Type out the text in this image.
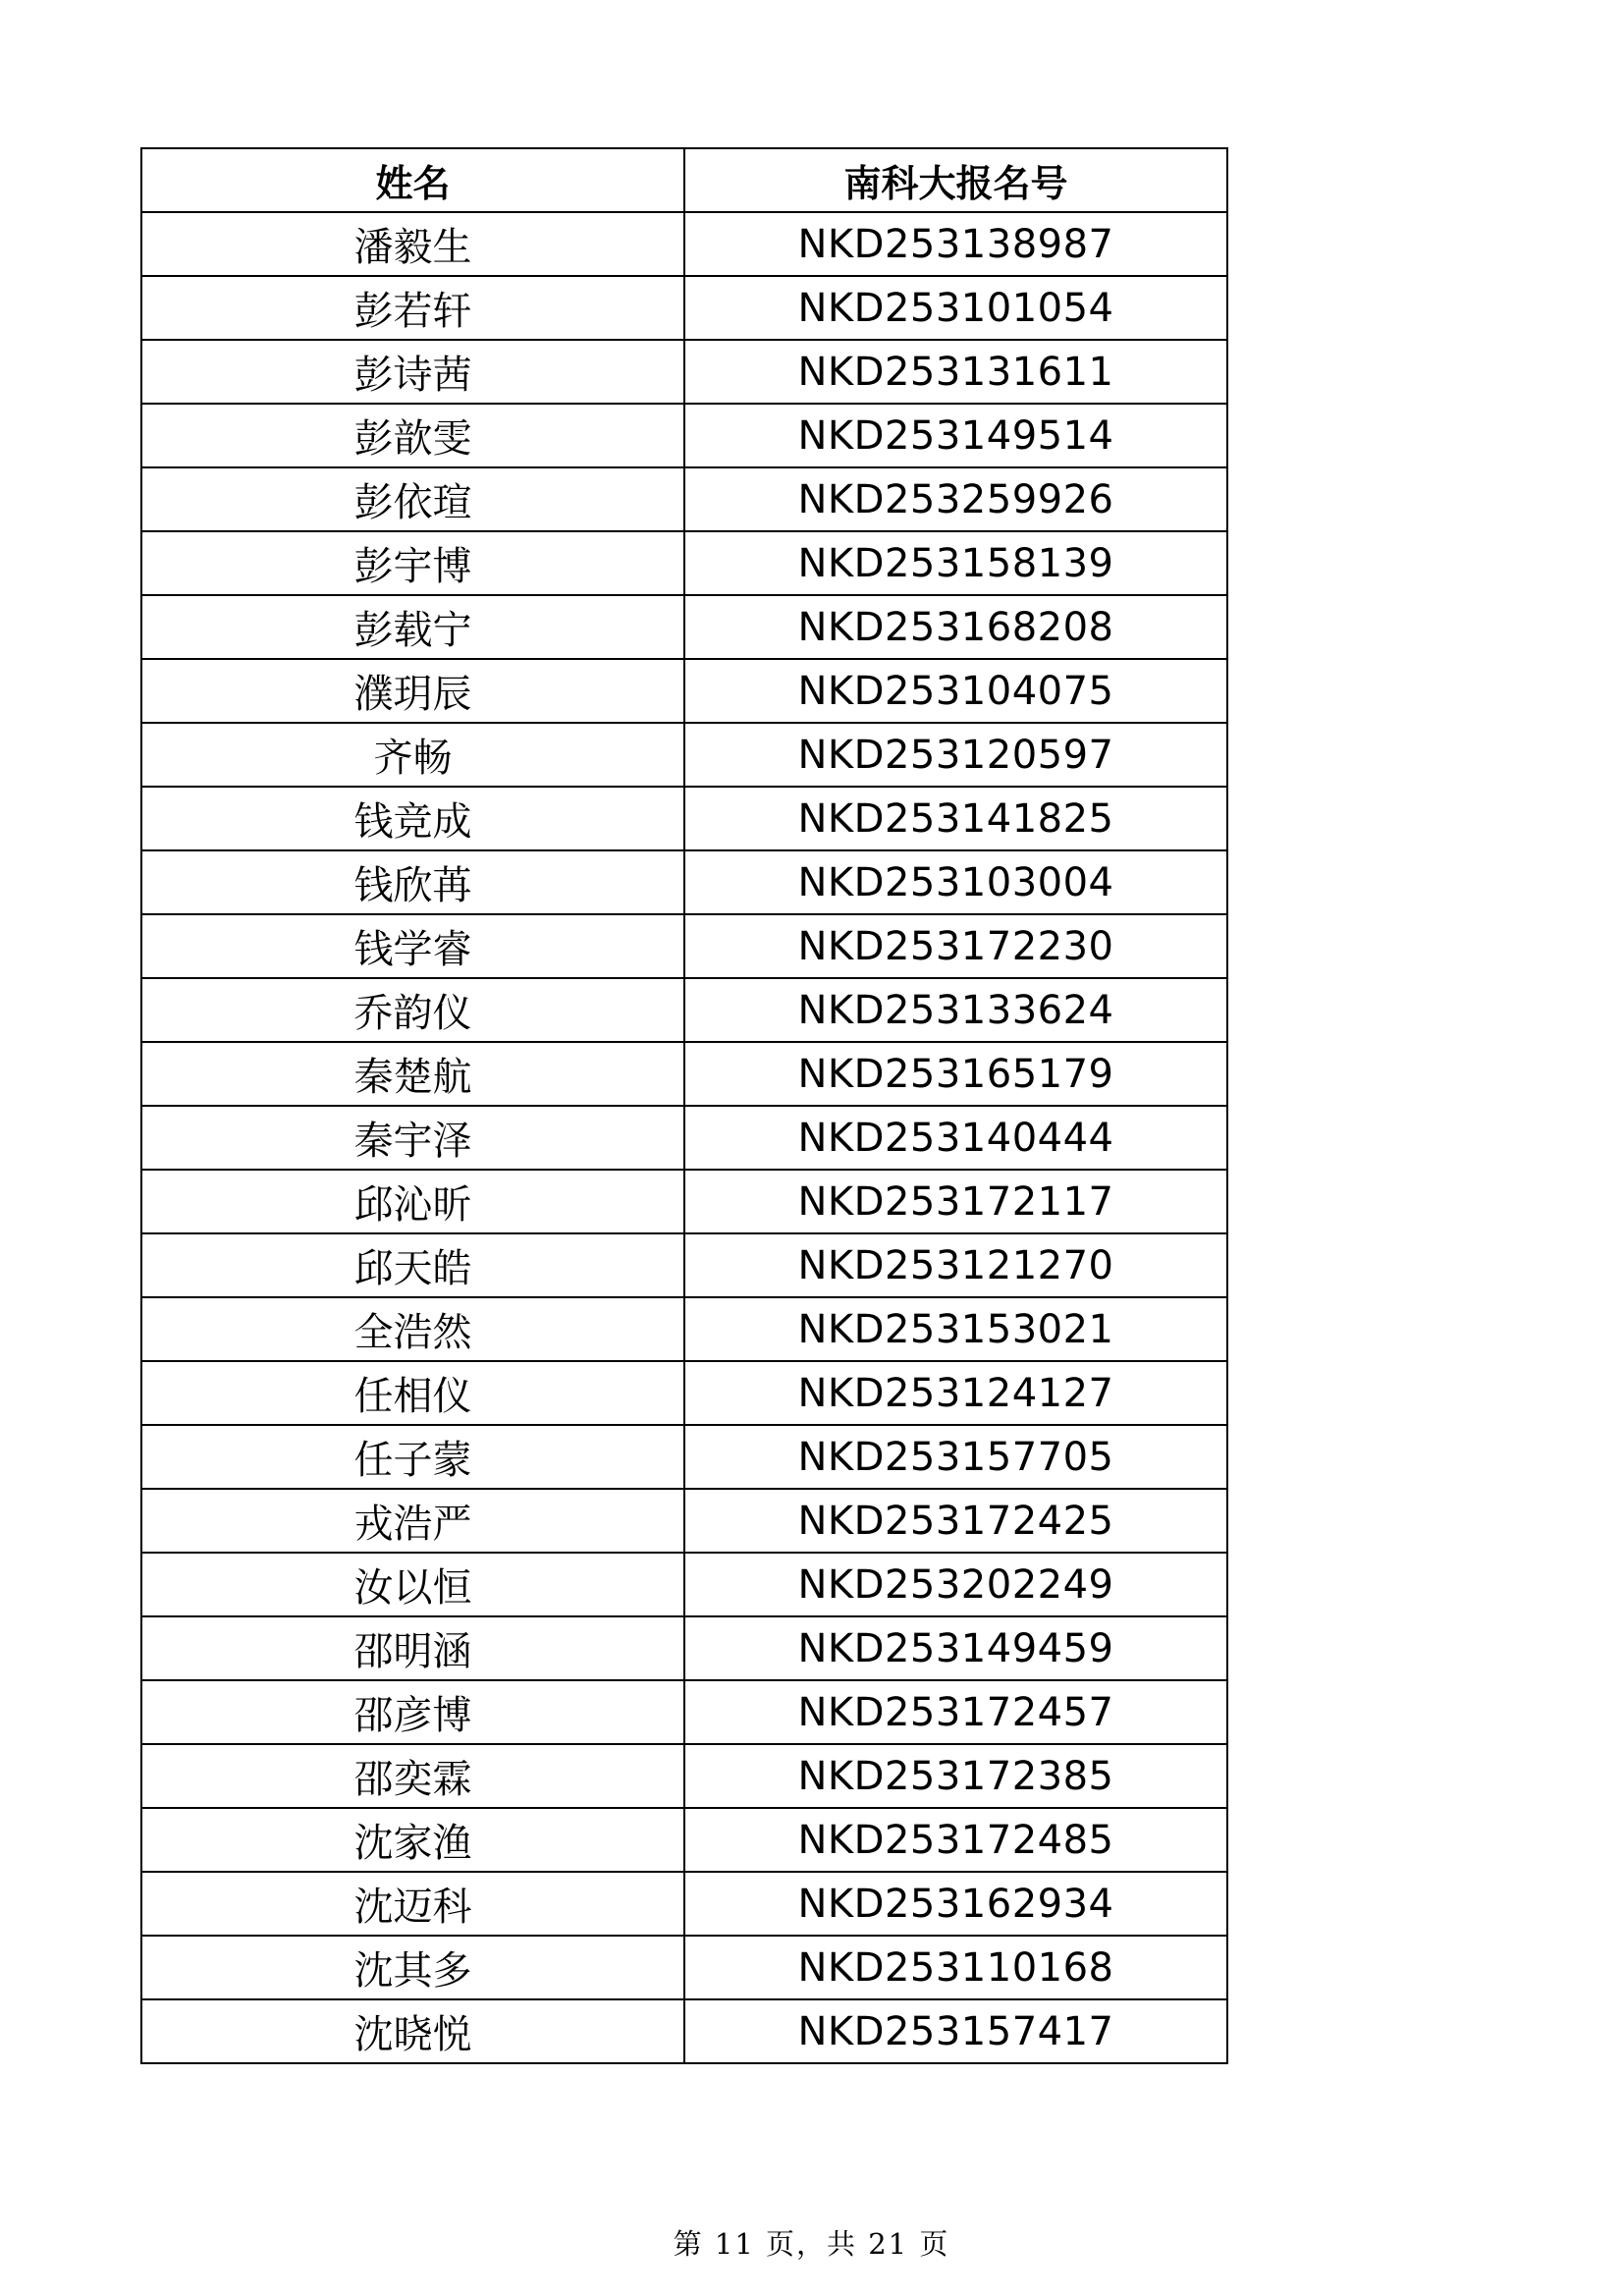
姓名	南科大报名号
潘毅生	NKD253138987
彭若轩	NKD253101054
彭诗茜	NKD253131611
彭歆雯	NKD253149514
彭依瑄	NKD253259926
彭宇博	NKD253158139
彭载宁	NKD253168208
濮玥辰	NKD253104075
齐畅	NKD253120597
钱竞成	NKD253141825
钱欣苒	NKD253103004
钱学睿	NKD253172230
乔韵仪	NKD253133624
秦楚航	NKD253165179
秦宇泽	NKD253140444
邱沁昕	NKD253172117
邱天皓	NKD253121270
全浩然	NKD253153021
任相仪	NKD253124127
任子蒙	NKD253157705
戎浩严	NKD253172425
汝以恒	NKD253202249
邵明涵	NKD253149459
邵彦博	NKD253172457
邵奕霖	NKD253172385
沈家渔	NKD253172485
沈迈科	NKD253162934
沈其多	NKD253110168
沈晓悦	NKD253157417
第 11 页，共 21 页
